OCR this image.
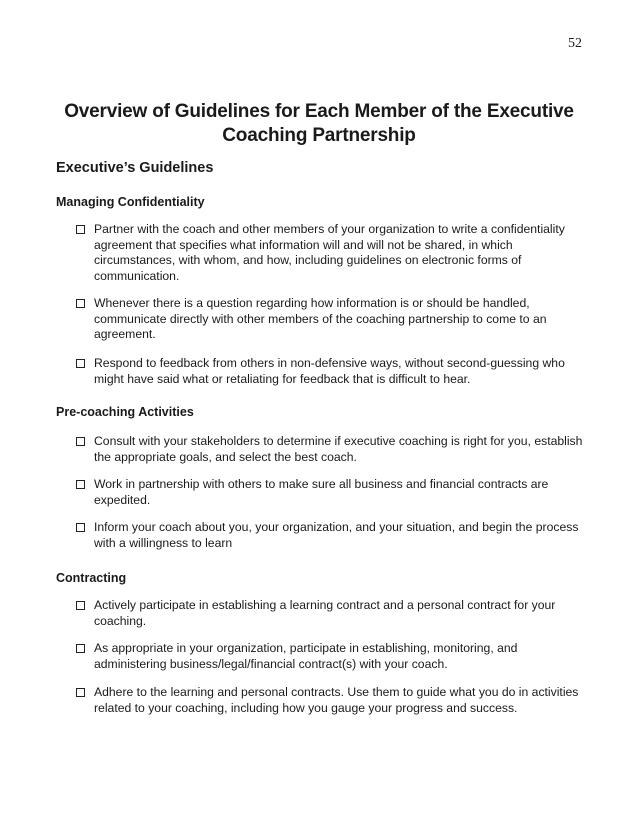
52
Overview of Guidelines for Each Member of the Executive
Coaching Partnership
Executive’s Guidelines
Managing Confidentiality
Partner with the coach and other members of your organization to write a confidentiality agreement that specifies what information will and will not be shared, in which circumstances, with whom, and how, including guidelines on electronic forms of communication.
Whenever there is a question regarding how information is or should be handled, communicate directly with other members of the coaching partnership to come to an agreement.
Respond to feedback from others in non-defensive ways, without second-guessing who might have said what or retaliating for feedback that is difficult to hear.
Pre-coaching Activities
Consult with your stakeholders to determine if executive coaching is right for you, establish the appropriate goals, and select the best coach.
Work in partnership with others to make sure all business and financial contracts are expedited.
Inform your coach about you, your organization, and your situation, and begin the process with a willingness to learn
Contracting
Actively participate in establishing a learning contract and a personal contract for your coaching.
As appropriate in your organization, participate in establishing, monitoring, and administering business/legal/financial contract(s) with your coach.
Adhere to the learning and personal contracts. Use them to guide what you do in activities related to your coaching, including how you gauge your progress and success.
